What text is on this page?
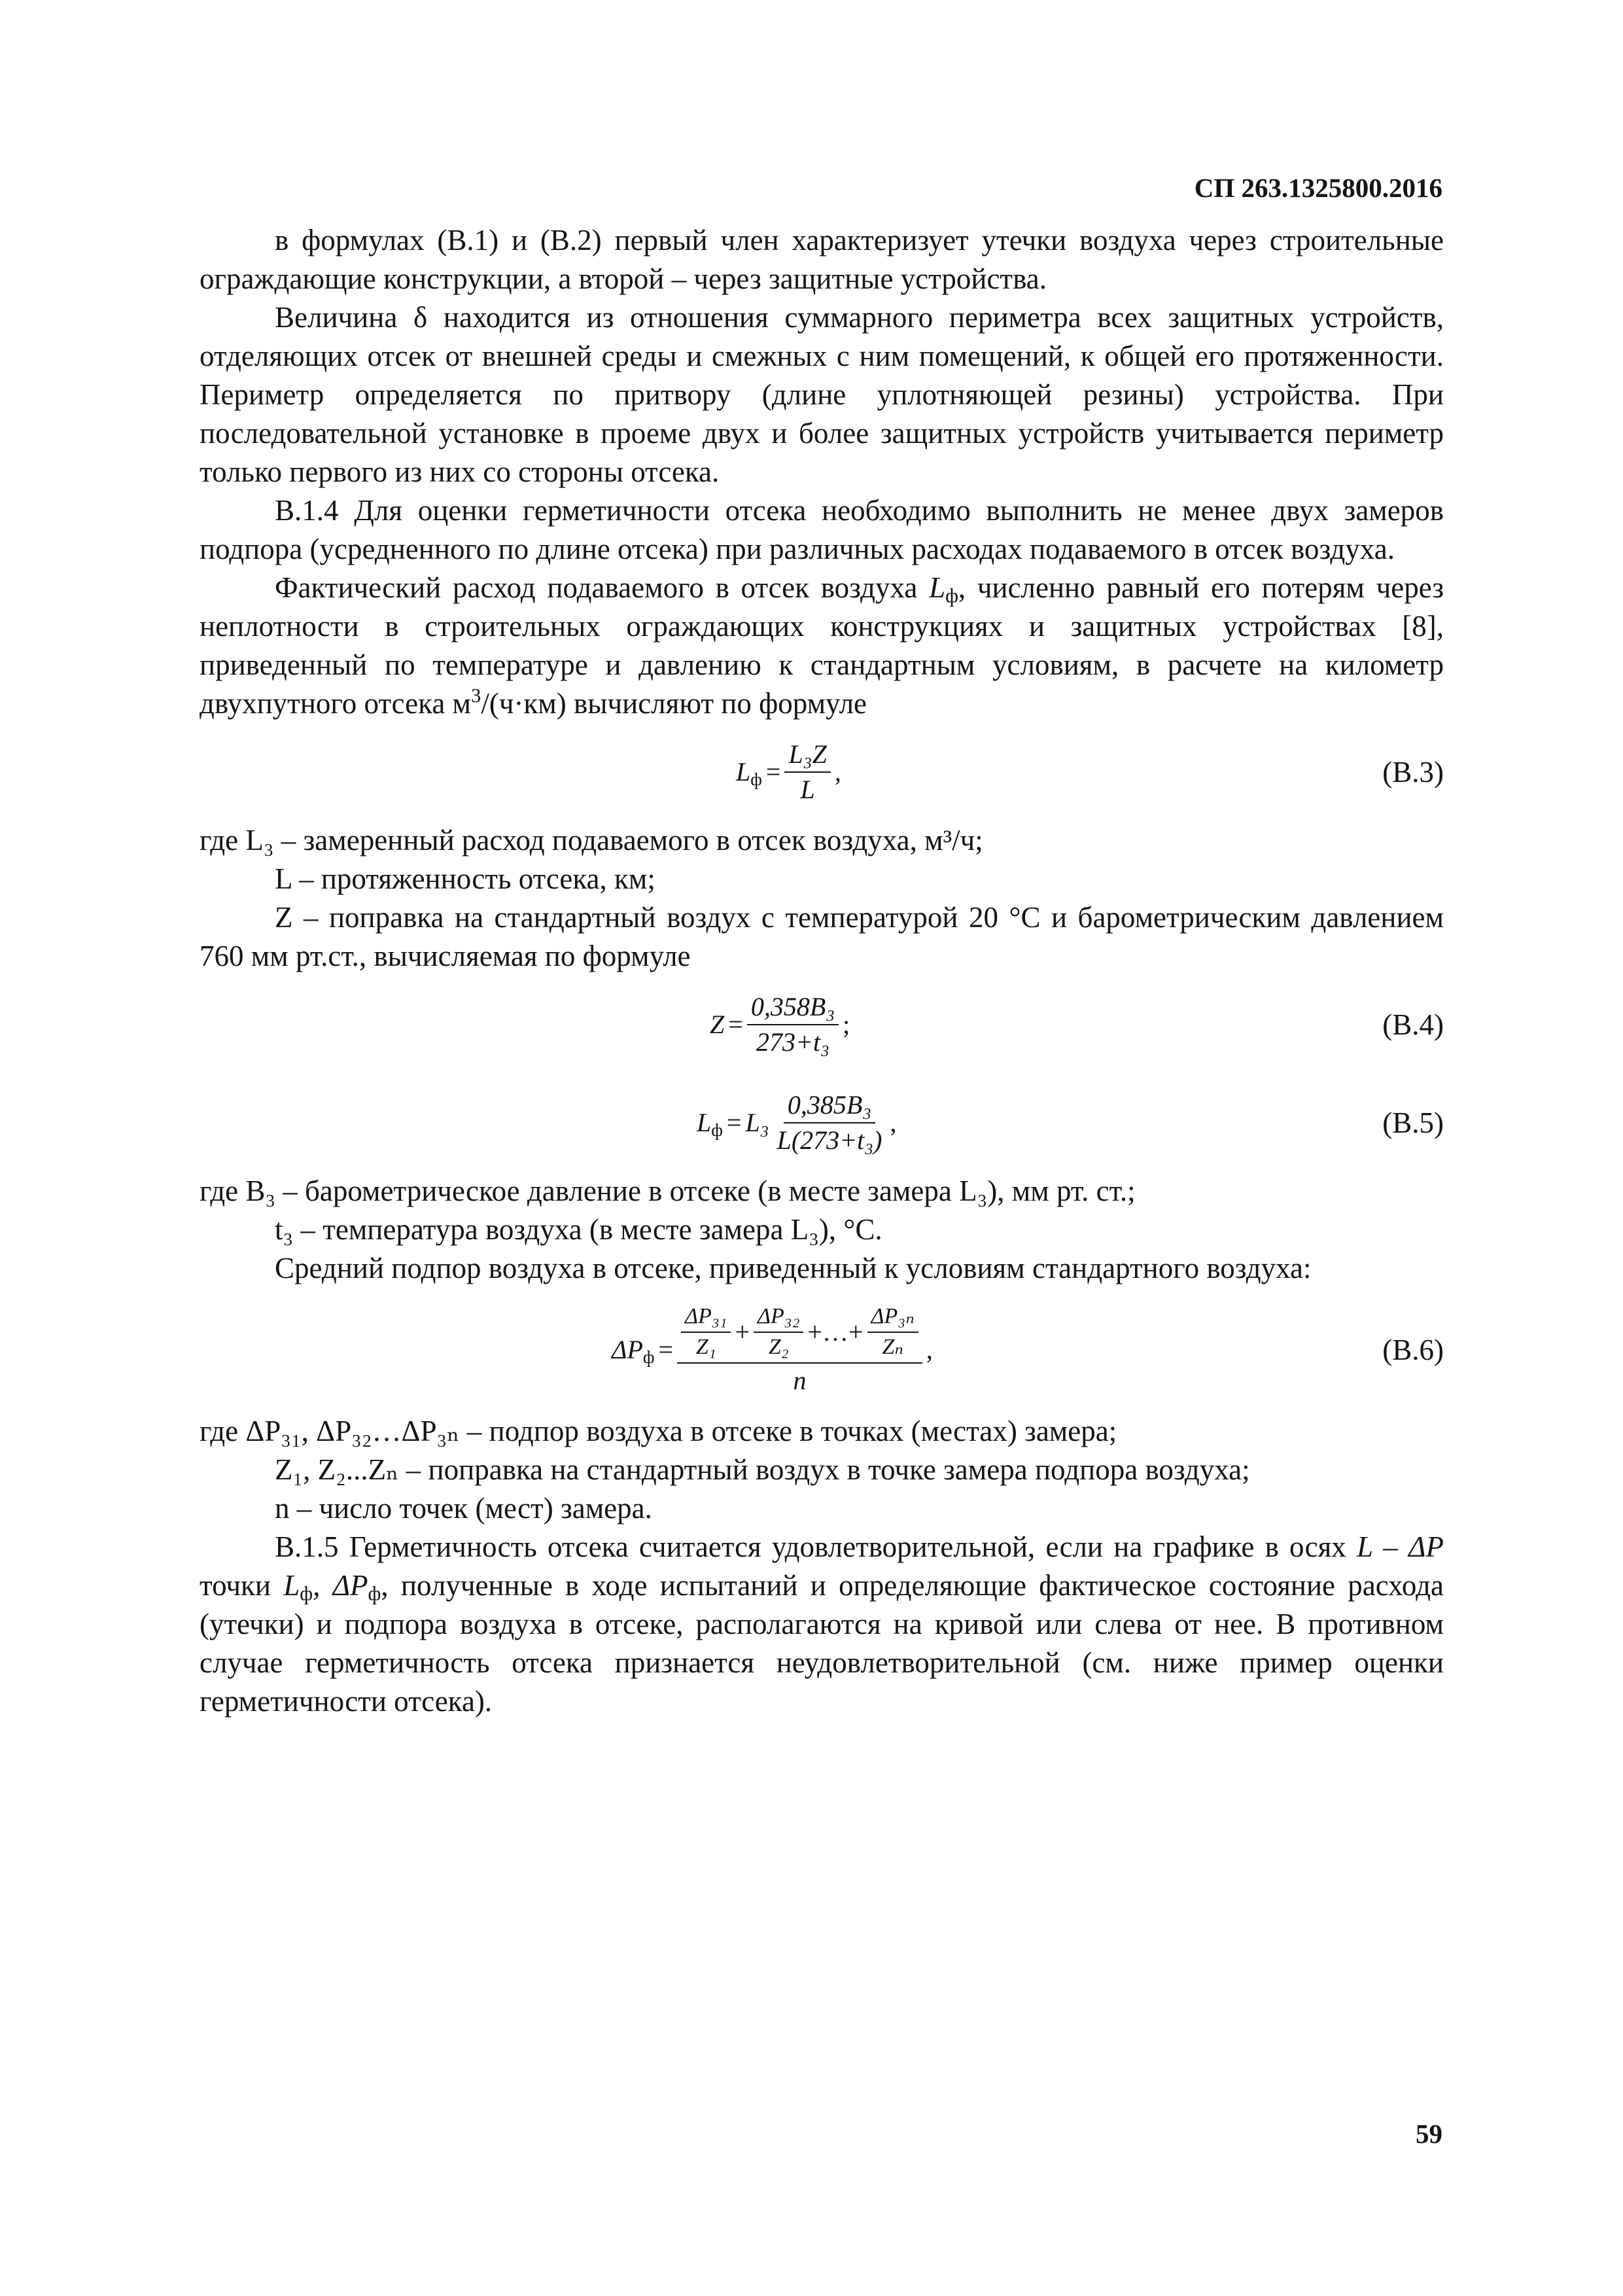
СП 263.1325800.2016

в формулах (В.1) и (В.2) первый член характеризует утечки воздуха через строительные ограждающие конструкции, а второй – через защитные устройства.

Величина δ находится из отношения суммарного периметра всех защитных устройств, отделяющих отсек от внешней среды и смежных с ним помещений, к общей его протяженности. Периметр определяется по притвору (длине уплотняющей резины) устройства. При последовательной установке в проеме двух и более защитных устройств учитывается периметр только первого из них со стороны отсека.

В.1.4 Для оценки герметичности отсека необходимо выполнить не менее двух замеров подпора (усредненного по длине отсека) при различных расходах подаваемого в отсек воздуха.

Фактический расход подаваемого в отсек воздуха $L_ф$, численно равный его потерям через неплотности в строительных ограждающих конструкциях и защитных устройствах [8], приведенный по температуре и давлению к стандартным условиям, в расчете на километр двухпутного отсека $м^3/(ч\cdot км)$ вычисляют по формуле

$L_ф = \frac{\text{L₃Z}}{L}$ ,	(В.3)

где L₃ – замеренный расход подаваемого в отсек воздуха, м³/ч;

L – протяженность отсека, км;

Z – поправка на стандартный воздух с температурой 20 °С и барометрическим давлением 760 мм рт.ст., вычисляемая по формуле

$Z = \frac{\text{0,358B₃}}{\text{273+t₃}}$ ;	(В.4)
$L_ф = L_3 \frac{\text{0,385B₃}}{\text{L(273+t₃)}}$ ,	(В.5)

где B₃ – барометрическое давление в отсеке (в месте замера L₃), мм рт. ст.;

t₃ – температура воздуха (в месте замера L₃), °С.

Средний подпор воздуха в отсеке, приведенный к условиям стандартного воздуха:

$\Delta P_ф = \frac{\text{ΔP₃₁}}{\text{Z₁}} + \frac{\text{ΔP₃₂}}{\text{Z₂}}$ +…+ $\frac{\text{ΔP₃ₙ}}{\text{Zₙ}}$
n
,	(В.6)

где ΔP₃₁, ΔP₃₂…ΔP₃ₙ – подпор воздуха в отсеке в точках (местах) замера;

Z₁, Z₂...Zₙ – поправка на стандартный воздух в точке замера подпора воздуха;

n – число точек (мест) замера.

В.1.5 Герметичность отсека считается удовлетворительной, если на графике в осях L – ΔP точки $L_ф$, $\Delta P_ф$, полученные в ходе испытаний и определяющие фактическое состояние расхода (утечки) и подпора воздуха в отсеке, располагаются на кривой или слева от нее. В противном случае герметичность отсека признается неудовлетворительной (см. ниже пример оценки герметичности отсека).

59
